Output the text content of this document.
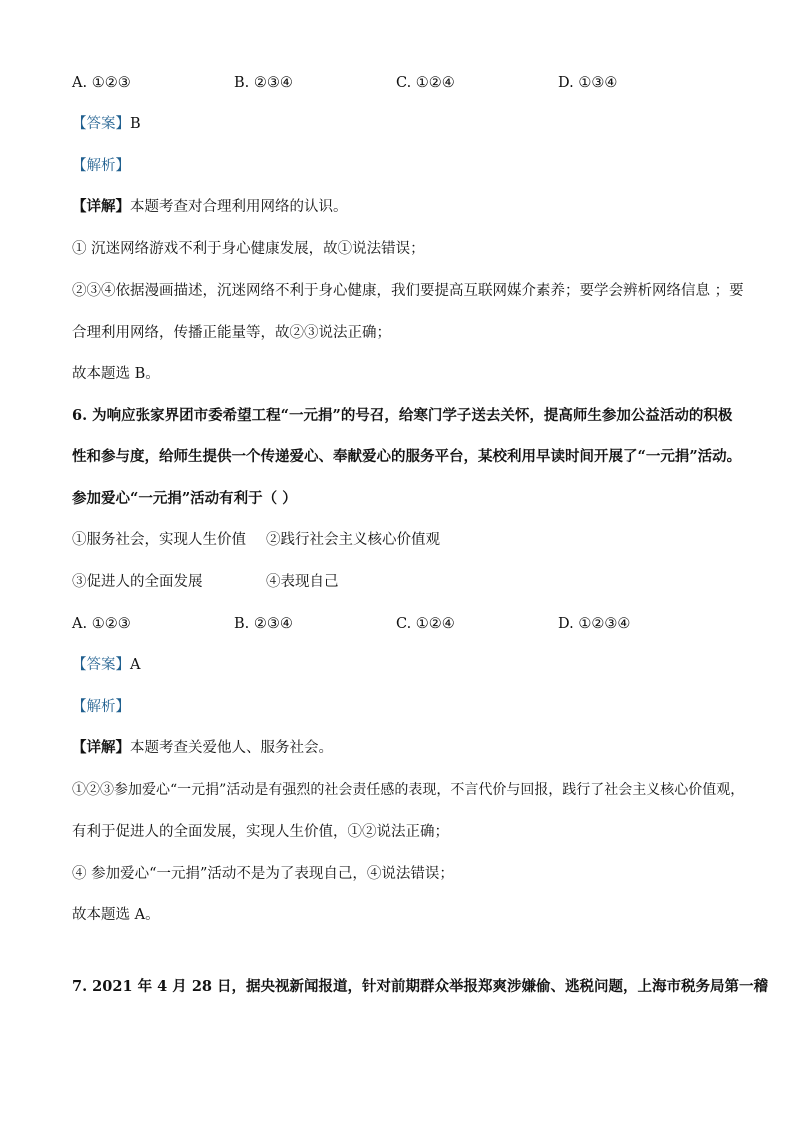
A. ①②③	B. ②③④	C. ①②④	D. ①③④
【答案】B
【解析】
【详解】本题考查对合理利用网络的认识。
① 沉迷网络游戏不利于身心健康发展，故①说法错误；
②③④依据漫画描述，沉迷网络不利于身心健康，我们要提高互联网媒介素养；要学会辨析网络信息 ；要
合理利用网络，传播正能量等，故②③说法正确；
故本题选 B。
6. 为响应张家界团市委希望工程“一元捐”的号召，给寒门学子送去关怀，提高师生参加公益活动的积极
性和参与度，给师生提供一个传递爱心、奉献爱心的服务平台，某校利用早读时间开展了“一元捐”活动。
参加爱心“一元捐”活动有利于（ ）
①服务社会，实现人生价值 ②践行社会主义核心价值观
③促进人的全面发展	④表现自己
A. ①②③	B. ②③④	C. ①②④	D. ①②③④
【答案】A
【解析】
【详解】本题考查关爱他人、服务社会。
①②③参加爱心“一元捐”活动是有强烈的社会责任感的表现，不言代价与回报，践行了社会主义核心价值观，
有利于促进人的全面发展，实现人生价值，①②说法正确；
④ 参加爱心“一元捐”活动不是为了表现自己，④说法错误；
故本题选 A。
7. 2021 年 4 月 28 日，据央视新闻报道，针对前期群众举报郑爽涉嫌偷、逃税问题，上海市税务局第一稽
